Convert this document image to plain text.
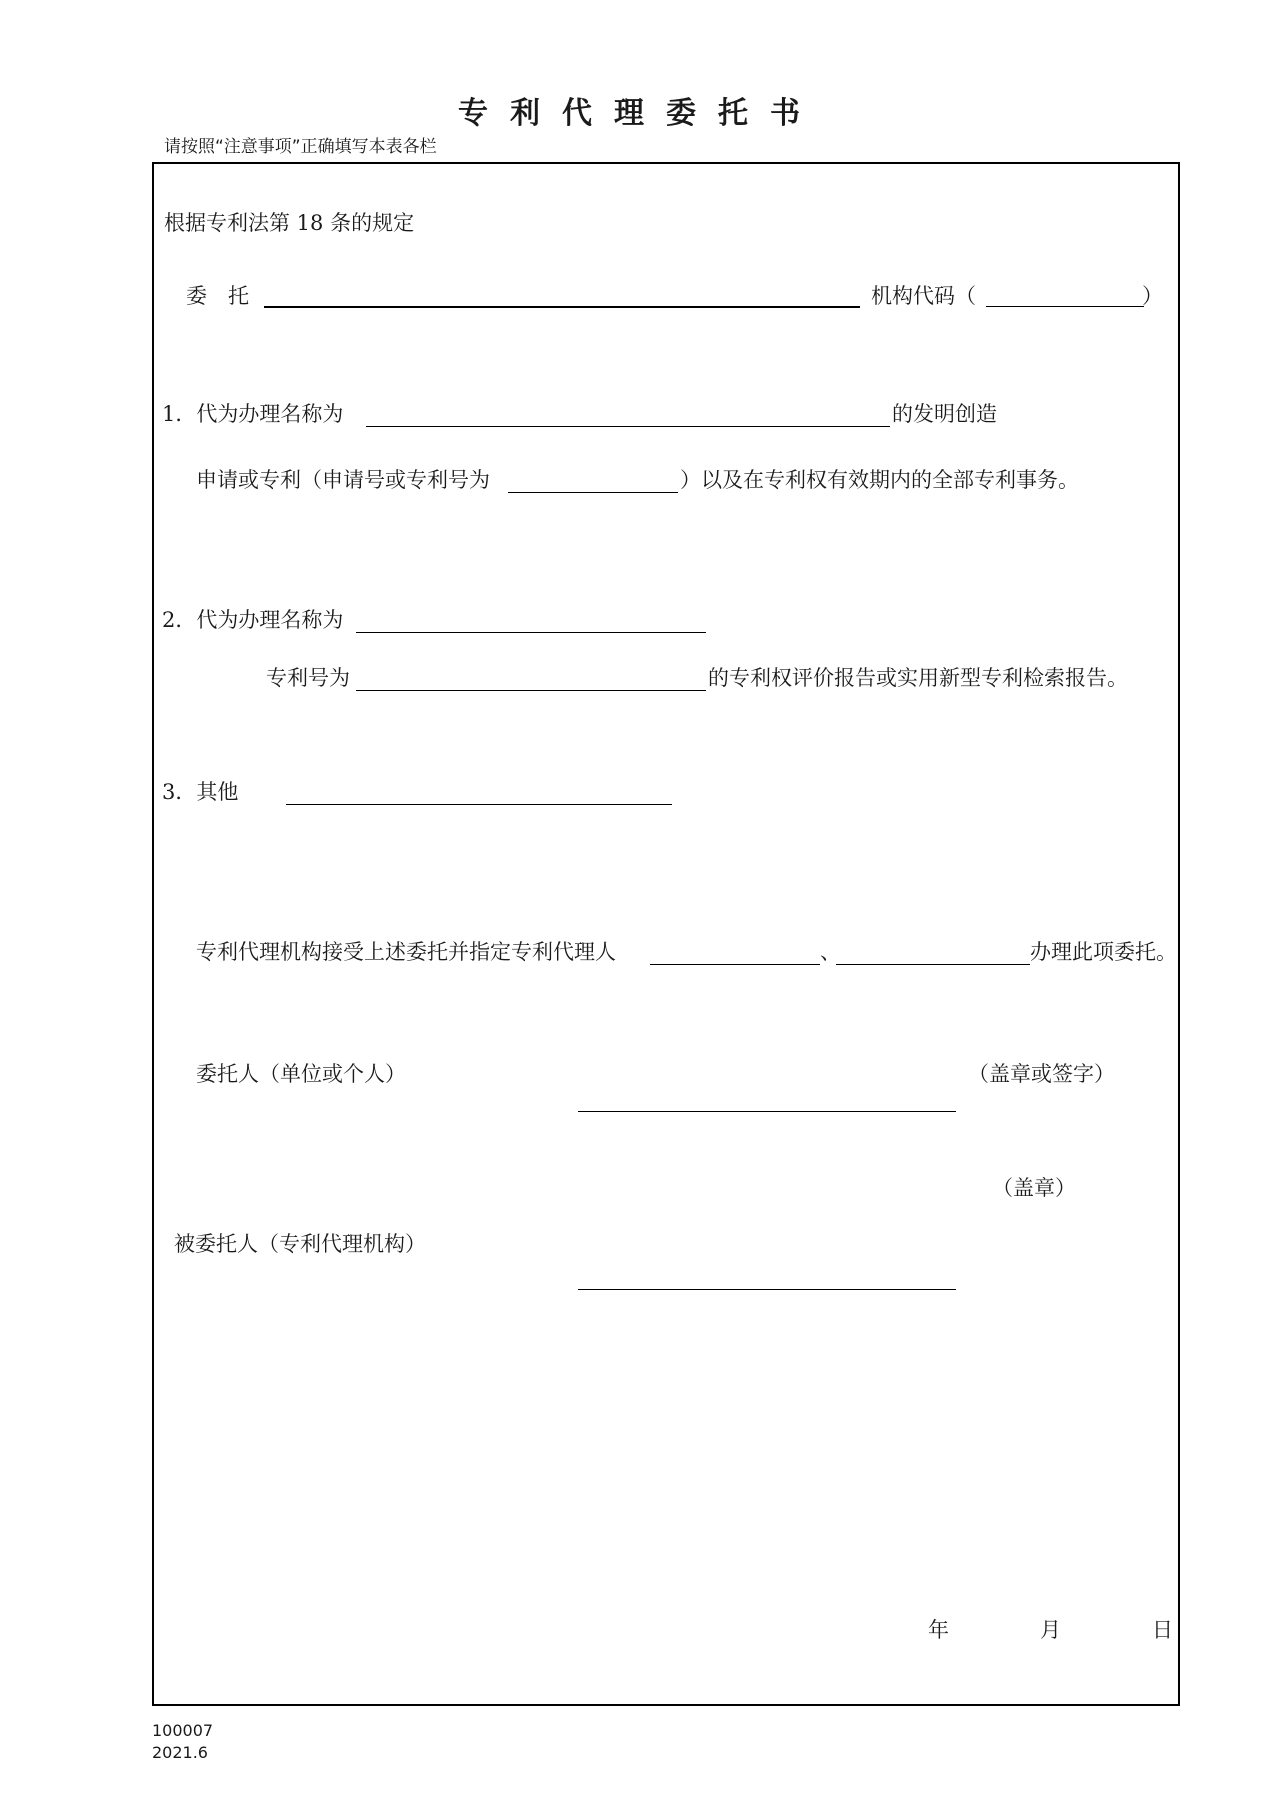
专利代理委托书
请按照“注意事项”正确填写本表各栏
根据专利法第 18 条的规定
委　托	机构代码（	）
1．代为办理名称为	的发明创造
申请或专利（申请号或专利号为	）以及在专利权有效期内的全部专利事务。
2．代为办理名称为
专利号为	的专利权评价报告或实用新型专利检索报告。
3．其他
专利代理机构接受上述委托并指定专利代理人	、	办理此项委托。
委托人（单位或个人）	（盖章或签字）
（盖章）
被委托人（专利代理机构）
年	月	日
100007
2021.6
